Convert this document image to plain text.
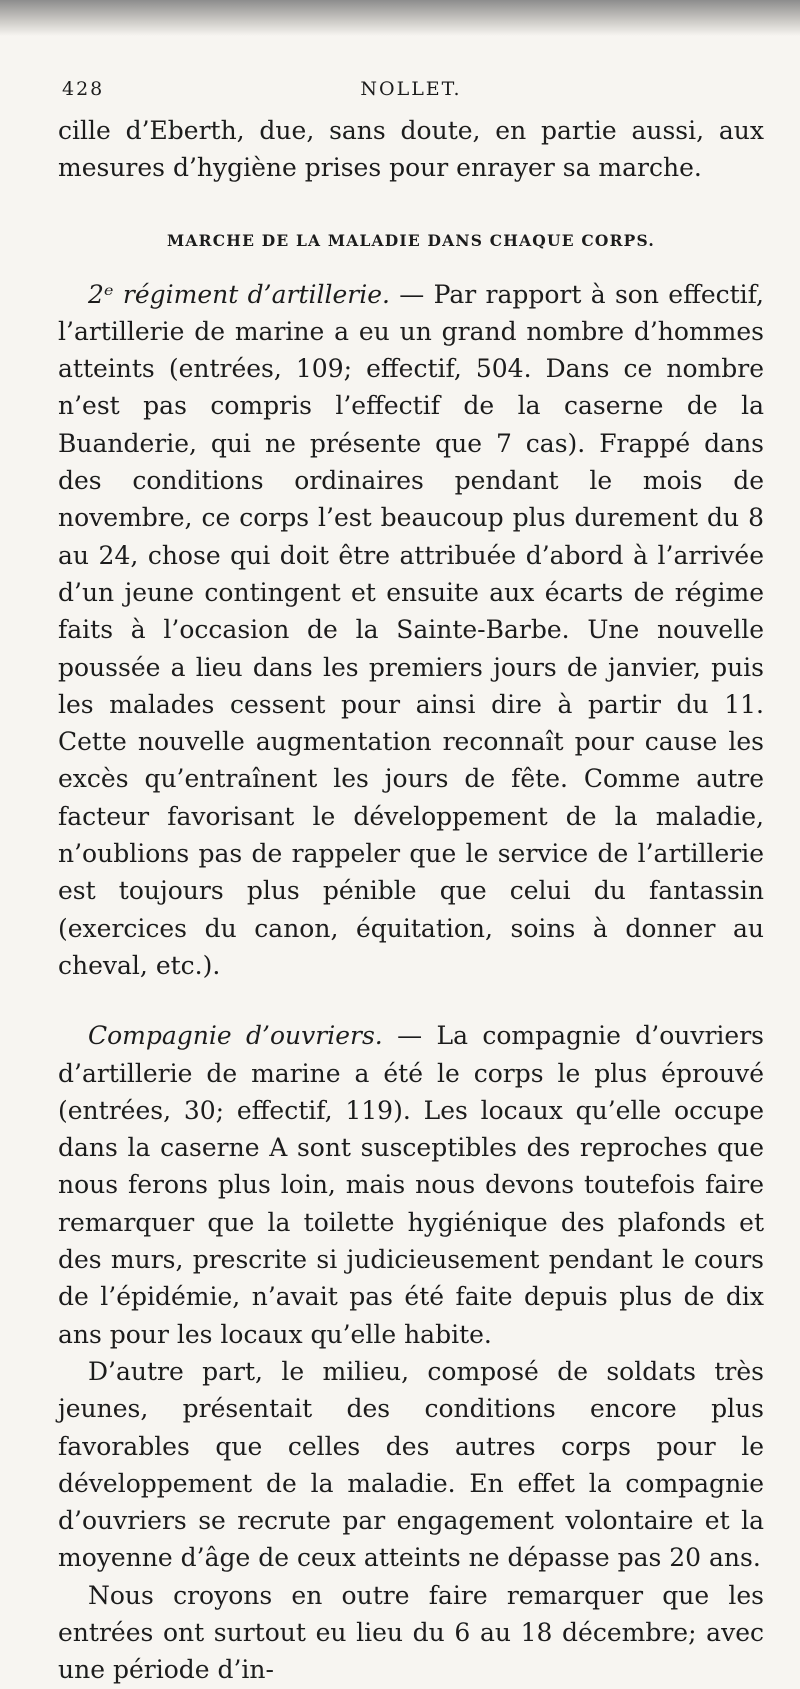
428	NOLLET.

cille d’Eberth, due, sans doute, en partie aussi, aux mesures d’hygiène prises pour enrayer sa marche.

MARCHE DE LA MALADIE DANS CHAQUE CORPS.

2ᵉ régiment d’artillerie. — Par rapport à son effectif, l’artillerie de marine a eu un grand nombre d’hommes atteints (entrées, 109; effectif, 504. Dans ce nombre n’est pas compris l’effectif de la caserne de la Buanderie, qui ne présente que 7 cas). Frappé dans des conditions ordinaires pendant le mois de novembre, ce corps l’est beaucoup plus durement du 8 au 24, chose qui doit être attribuée d’abord à l’arrivée d’un jeune contingent et ensuite aux écarts de régime faits à l’occasion de la Sainte-Barbe. Une nouvelle poussée a lieu dans les premiers jours de janvier, puis les malades cessent pour ainsi dire à partir du 11. Cette nouvelle augmentation reconnaît pour cause les excès qu’entraînent les jours de fête. Comme autre facteur favorisant le développement de la maladie, n’oublions pas de rappeler que le service de l’artillerie est toujours plus pénible que celui du fantassin (exercices du canon, équitation, soins à donner au cheval, etc.).

Compagnie d’ouvriers. — La compagnie d’ouvriers d’artillerie de marine a été le corps le plus éprouvé (entrées, 30; effectif, 119). Les locaux qu’elle occupe dans la caserne A sont susceptibles des reproches que nous ferons plus loin, mais nous devons toutefois faire remarquer que la toilette hygiénique des plafonds et des murs, prescrite si judicieusement pendant le cours de l’épidémie, n’avait pas été faite depuis plus de dix ans pour les locaux qu’elle habite.

D’autre part, le milieu, composé de soldats très jeunes, présentait des conditions encore plus favorables que celles des autres corps pour le développement de la maladie. En effet la compagnie d’ouvriers se recrute par engagement volontaire et la moyenne d’âge de ceux atteints ne dépasse pas 20 ans.

Nous croyons en outre faire remarquer que les entrées ont surtout eu lieu du 6 au 18 décembre; avec une période d’in-
